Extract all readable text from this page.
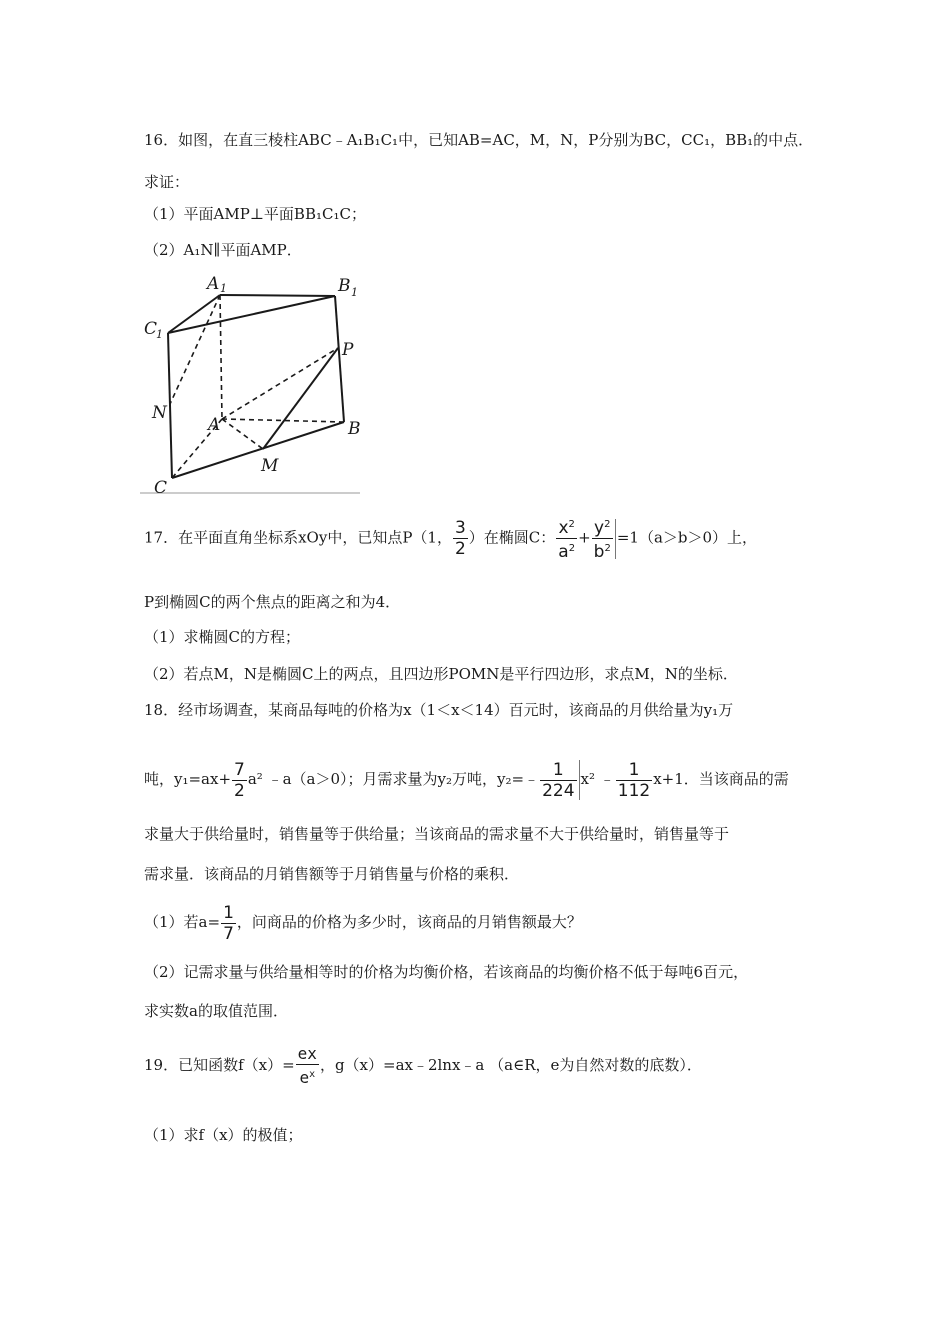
16．如图，在直三棱柱ABC﹣A₁B₁C₁中，已知AB=AC，M，N，P分别为BC，CC₁，BB₁的中点．
求证：
（1）平面AMP⊥平面BB₁C₁C；
（2）A₁N∥平面AMP．
A 1	B 1
C
1
P
N
A	B
M
C
17．在平面直角坐标系xOy中，已知点P（1， $\frac{3}{2}$ ）在椭圆C： $\frac{x^2}{a^2} + \frac{y^2}{b^2} =1(a>b>0)$上，
P到椭圆C的两个焦点的距离之和为4．
（1）求椭圆C的方程；
（2）若点M，N是椭圆C上的两点，且四边形POMN是平行四边形，求点M，N的坐标．
18．经市场调查，某商品每吨的价格为x（1＜x＜14）百元时，该商品的月供给量为y₁万
吨，$y_1=ax+ \frac{7}{2} a^2$ ﹣a（a＞0）；月需求量为y₂万吨，y₂=﹣ $\frac{1}{224} x^2$ ﹣ $\frac{1}{112} x+1$．当该商品的需
求量大于供给量时，销售量等于供给量；当该商品的需求量不大于供给量时，销售量等于
需求量．该商品的月销售额等于月销售量与价格的乘积．
（1）若$a= \frac{1}{7}$ ，问商品的价格为多少时，该商品的月销售额最大？
（2）记需求量与供给量相等时的价格为均衡价格，若该商品的均衡价格不低于每吨6百元，
求实数a的取值范围．
19．已知函数$f(x)= \frac{ex}{e^x}$ ，g（x）=ax﹣2lnx﹣a （a∈R，e为自然对数的底数）．
（1）求f（x）的极值；
